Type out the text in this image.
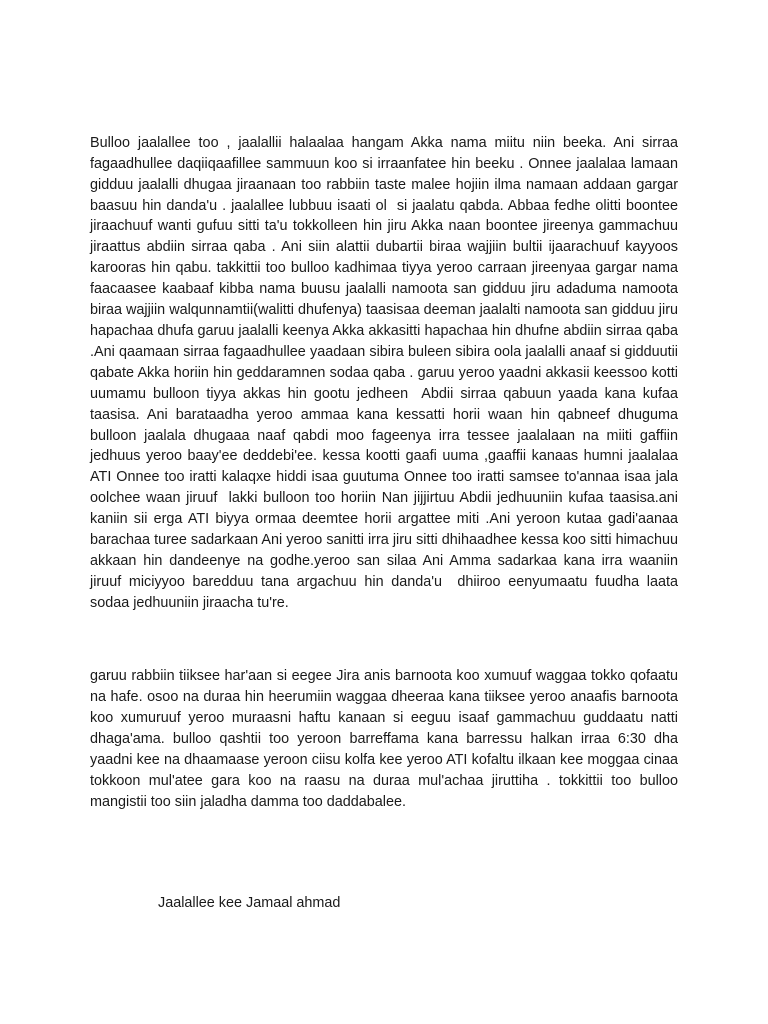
Bulloo jaalallee too , jaalallii halaalaa hangam Akka nama miitu niin beeka. Ani sirraa fagaadhullee daqiiqaafillee sammuun koo si irraanfatee hin beeku . Onnee jaalalaa lamaan gidduu jaalalli dhugaa jiraanaan too rabbiin taste malee hojiin ilma namaan addaan gargar baasuu hin danda'u . jaalallee lubbuu isaati ol  si jaalatu qabda. Abbaa fedhe olitti boontee jiraachuuf wanti gufuu sitti ta'u tokkolleen hin jiru Akka naan boontee jireenya gammachuu jiraattus abdiin sirraa qaba . Ani siin alattii dubartii biraa wajjiin bultii ijaarachuuf kayyoos karooras hin qabu. takkittii too bulloo kadhimaa tiyya yeroo carraan jireenyaa gargar nama faacaasee kaabaaf kibba nama buusu jaalalli namoota san gidduu jiru adaduma namoota biraa wajjiin walqunnamtii(walitti dhufenya) taasisaa deeman jaalalti namoota san gidduu jiru hapachaa dhufa garuu jaalalli keenya Akka akkasitti hapachaa hin dhufne abdiin sirraa qaba .Ani qaamaan sirraa fagaadhullee yaadaan sibira buleen sibira oola jaalalli anaaf si gidduutii qabate Akka horiin hin geddaramnen sodaa qaba . garuu yeroo yaadni akkasii keessoo kotti uumamu bulloon tiyya akkas hin gootu jedheen  Abdii sirraa qabuun yaada kana kufaa taasisa. Ani barataadha yeroo ammaa kana kessatti horii waan hin qabneef dhuguma bulloon jaalala dhugaaa naaf qabdi moo fageenya irra tessee jaalalaan na miiti gaffiin jedhuus yeroo baay'ee deddebi'ee. kessa kootti gaafi uuma ,gaaffii kanaas humni jaalalaa ATI Onnee too iratti kalaqxe hiddi isaa guutuma Onnee too iratti samsee to'annaa isaa jala oolchee waan jiruuf  lakki bulloon too horiin Nan jijjirtuu Abdii jedhuuniin kufaa taasisa.ani kaniin sii erga ATI biyya ormaa deemtee horii argattee miti .Ani yeroon kutaa gadi'aanaa barachaa turee sadarkaan Ani yeroo sanitti irra jiru sitti dhihaadhee kessa koo sitti himachuu akkaan hin dandeenye na godhe.yeroo san silaa Ani Amma sadarkaa kana irra waaniin jiruuf miciyyoo baredduu tana argachuu hin danda'u  dhiiroo eenyumaatu fuudha laata sodaa jedhuuniin jiraacha tu're.

garuu rabbiin tiiksee har'aan si eegee Jira anis barnoota koo xumuuf waggaa tokko qofaatu na hafe. osoo na duraa hin heerumiin waggaa dheeraa kana tiiksee yeroo anaafis barnoota koo xumuruuf yeroo muraasni haftu kanaan si eeguu isaaf gammachuu guddaatu natti dhaga'ama. bulloo qashtii too yeroon barreffama kana barressu halkan irraa 6:30 dha  yaadni kee na dhaamaase yeroon ciisu kolfa kee yeroo ATI kofaltu ilkaan kee moggaa cinaa tokkoon mul'atee gara koo na raasu na duraa mul'achaa jiruttiha . tokkittii too bulloo mangistii too siin jaladha damma too daddabalee.

Jaalallee kee Jamaal ahmad
